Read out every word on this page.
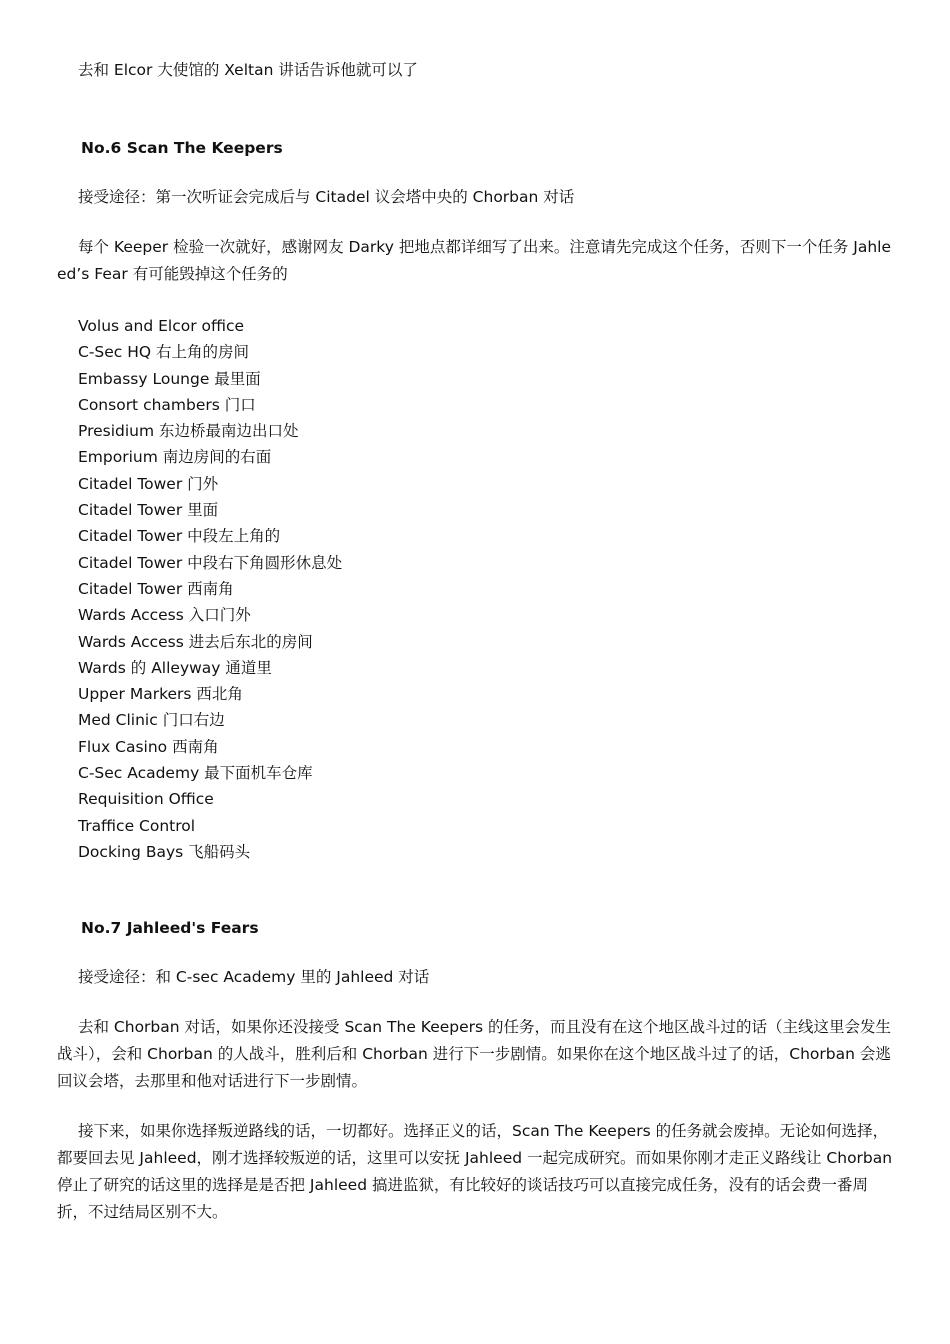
去和 Elcor 大使馆的 Xeltan 讲话告诉他就可以了

No.6 Scan The Keepers

接受途径：第一次听证会完成后与 Citadel 议会塔中央的 Chorban 对话

每个 Keeper 检验一次就好，感谢网友 Darky 把地点都详细写了出来。注意请先完成这个任务，否则下一个任务 Jahleed’s Fear 有可能毁掉这个任务的

Volus and Elcor office
C-Sec HQ 右上角的房间
Embassy Lounge 最里面
Consort chambers 门口
Presidium 东边桥最南边出口处
Emporium 南边房间的右面
Citadel Tower 门外
Citadel Tower 里面
Citadel Tower 中段左上角的
Citadel Tower 中段右下角圆形休息处
Citadel Tower 西南角
Wards Access 入口门外
Wards Access 进去后东北的房间
Wards 的 Alleyway 通道里
Upper Markers 西北角
Med Clinic 门口右边
Flux Casino 西南角
C-Sec Academy 最下面机车仓库
Requisition Office
Traffice Control
Docking Bays 飞船码头

No.7 Jahleed's Fears

接受途径：和 C-sec Academy 里的 Jahleed 对话

去和 Chorban 对话，如果你还没接受 Scan The Keepers 的任务，而且没有在这个地区战斗过的话（主线这里会发生战斗），会和 Chorban 的人战斗，胜利后和 Chorban 进行下一步剧情。如果你在这个地区战斗过了的话，Chorban 会逃回议会塔，去那里和他对话进行下一步剧情。

接下来，如果你选择叛逆路线的话，一切都好。选择正义的话，Scan The Keepers 的任务就会废掉。无论如何选择，都要回去见 Jahleed，刚才选择较叛逆的话，这里可以安抚 Jahleed 一起完成研究。而如果你刚才走正义路线让 Chorban 停止了研究的话这里的选择是是否把 Jahleed 搞进监狱，有比较好的谈话技巧可以直接完成任务，没有的话会费一番周折，不过结局区别不大。
